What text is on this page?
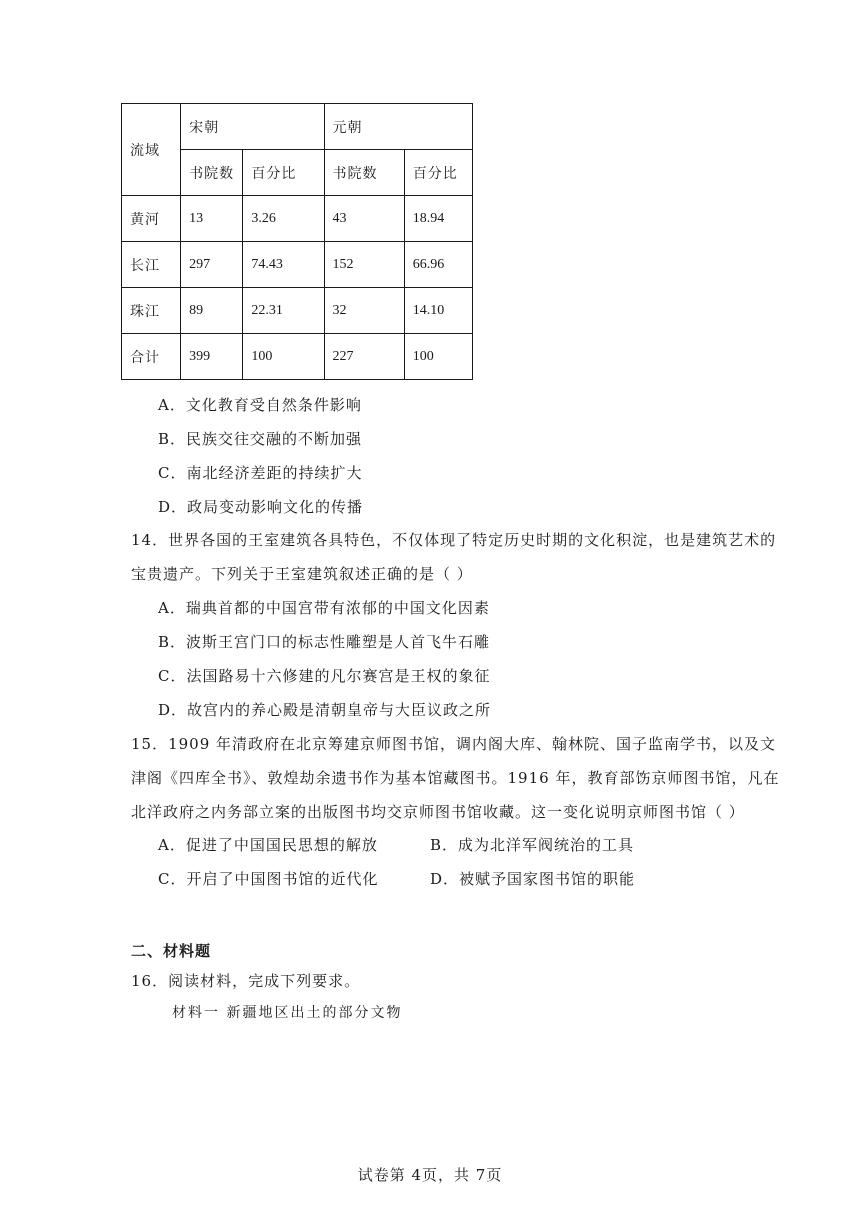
流域	宋朝		元朝	
	书院数	百分比	书院数	百分比
黄河	13	3.26	43	18.94
长江	297	74.43	152	66.96
珠江	89	22.31	32	14.10
合计	399	100	227	100
A．文化教育受自然条件影响
B．民族交往交融的不断加强
C．南北经济差距的持续扩大
D．政局变动影响文化的传播
14．世界各国的王室建筑各具特色，不仅体现了特定历史时期的文化积淀，也是建筑艺术的
宝贵遗产。下列关于王室建筑叙述正确的是（ ）
A．瑞典首都的中国宫带有浓郁的中国文化因素
B．波斯王宫门口的标志性雕塑是人首飞牛石雕
C．法国路易十六修建的凡尔赛宫是王权的象征
D．故宫内的养心殿是清朝皇帝与大臣议政之所
15．1909 年清政府在北京筹建京师图书馆，调内阁大库、翰林院、国子监南学书，以及文
津阁《四库全书》、敦煌劫余遗书作为基本馆藏图书。1916 年，教育部饬京师图书馆，凡在
北洋政府之内务部立案的出版图书均交京师图书馆收藏。这一变化说明京师图书馆（ ）
A．促进了中国国民思想的解放	B．成为北洋军阀统治的工具
C．开启了中国图书馆的近代化	D．被赋予国家图书馆的职能
二、材料题
16．阅读材料，完成下列要求。
材料一 新疆地区出土的部分文物
试卷第 4页，共 7页
